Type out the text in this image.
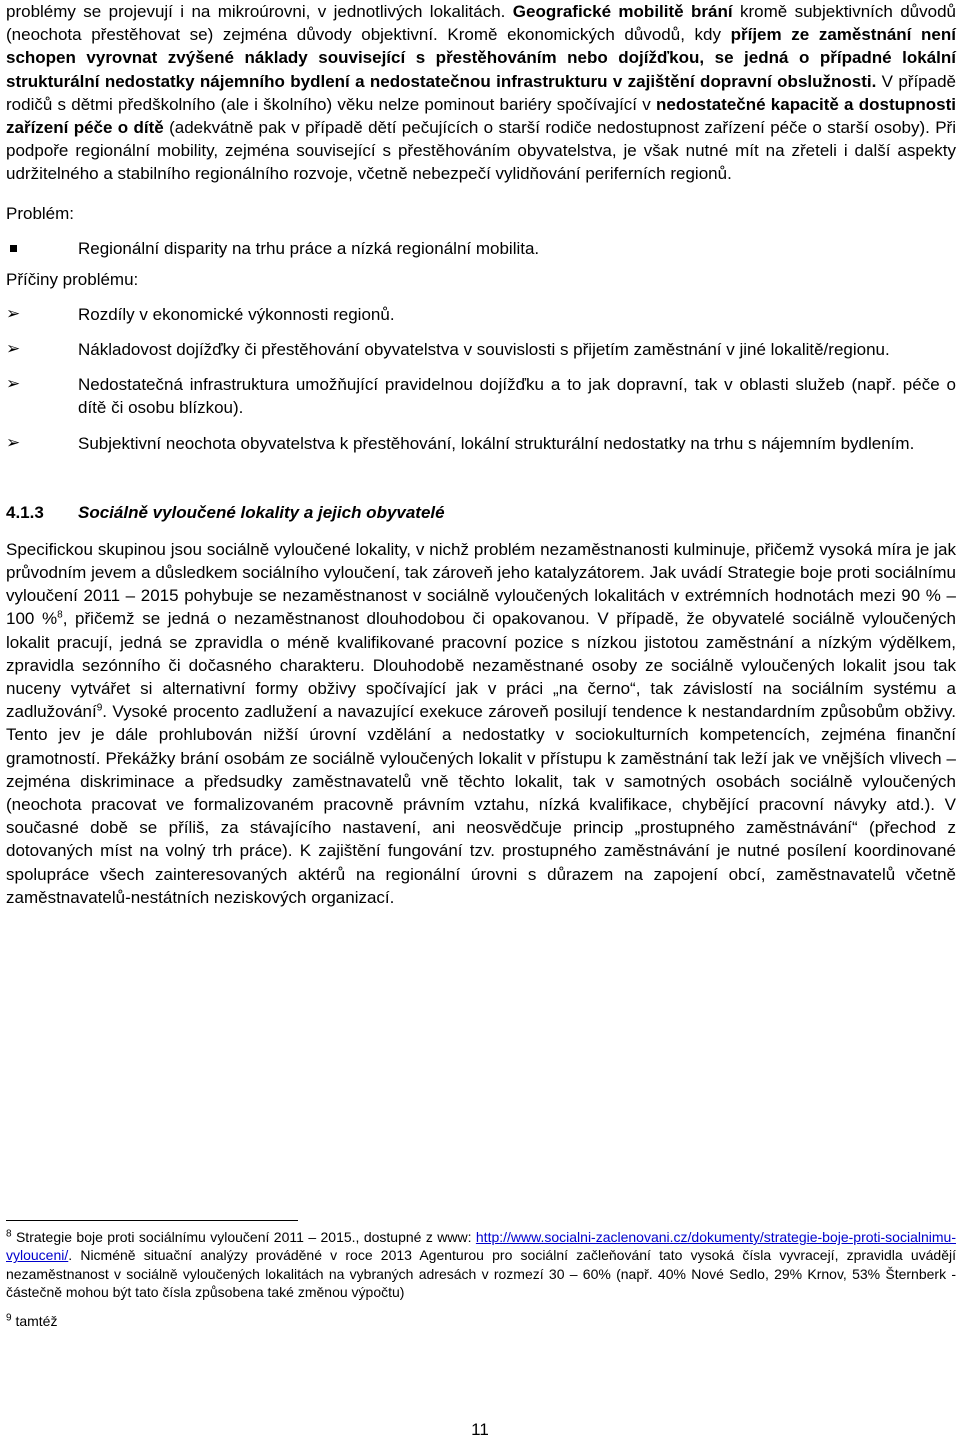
problémy se projevují i na mikroúrovni, v jednotlivých lokalitách. Geografické mobilitě brání kromě subjektivních důvodů (neochota přestěhovat se) zejména důvody objektivní. Kromě ekonomických důvodů, kdy příjem ze zaměstnání není schopen vyrovnat zvýšené náklady související s přestěhováním nebo dojížďkou, se jedná o případné lokální strukturální nedostatky nájemního bydlení a nedostatečnou infrastrukturu v zajištění dopravní obslužnosti. V případě rodičů s dětmi předškolního (ale i školního) věku nelze pominout bariéry spočívající v nedostatečné kapacitě a dostupnosti zařízení péče o dítě (adekvátně pak v případě dětí pečujících o starší rodiče nedostupnost zařízení péče o starší osoby). Při podpoře regionální mobility, zejména související s přestěhováním obyvatelstva, je však nutné mít na zřeteli i další aspekty udržitelného a stabilního regionálního rozvoje, včetně nebezpečí vylidňování periferních regionů.

Problém:

Regionální disparity na trhu práce a nízká regionální mobilita.

Příčiny problému:

➢	Rozdíly v ekonomické výkonnosti regionů.
➢	Nákladovost dojížďky či přestěhování obyvatelstva v souvislosti s přijetím zaměstnání v jiné lokalitě/regionu.
➢	Nedostatečná infrastruktura umožňující pravidelnou dojížďku a to jak dopravní, tak v oblasti služeb (např. péče o dítě či osobu blízkou).
➢	Subjektivní neochota obyvatelstva k přestěhování, lokální strukturální nedostatky na trhu s nájemním bydlením.
4.1.3 Sociálně vyloučené lokality a jejich obyvatelé

Specifickou skupinou jsou sociálně vyloučené lokality, v nichž problém nezaměstnanosti kulminuje, přičemž vysoká míra je jak průvodním jevem a důsledkem sociálního vyloučení, tak zároveň jeho katalyzátorem. Jak uvádí Strategie boje proti sociálnímu vyloučení 2011 – 2015 pohybuje se nezaměstnanost v sociálně vyloučených lokalitách v extrémních hodnotách mezi 90 % – 100 %$^8$, přičemž se jedná o nezaměstnanost dlouhodobou či opakovanou. V případě, že obyvatelé sociálně vyloučených lokalit pracují, jedná se zpravidla o méně kvalifikované pracovní pozice s nízkou jistotou zaměstnání a nízkým výdělkem, zpravidla sezónního či dočasného charakteru. Dlouhodobě nezaměstnané osoby ze sociálně vyloučených lokalit jsou tak nuceny vytvářet si alternativní formy obživy spočívající jak v práci „na černo“, tak závislostí na sociálním systému a zadlužování$^9$. Vysoké procento zadlužení a navazující exekuce zároveň posilují tendence k nestandardním způsobům obživy. Tento jev je dále prohlubován nižší úrovní vzdělání a nedostatky v sociokulturních kompetencích, zejména finanční gramotností. Překážky brání osobám ze sociálně vyloučených lokalit v přístupu k zaměstnání tak leží jak ve vnějších vlivech – zejména diskriminace a předsudky zaměstnavatelů vně těchto lokalit, tak v samotných osobách sociálně vyloučených (neochota pracovat ve formalizovaném pracovně právním vztahu, nízká kvalifikace, chybějící pracovní návyky atd.). V současné době se příliš, za stávajícího nastavení, ani neosvědčuje princip „prostupného zaměstnávání“ (přechod z dotovaných míst na volný trh práce). K zajištění fungování tzv. prostupného zaměstnávání je nutné posílení koordinované spolupráce všech zainteresovaných aktérů na regionální úrovni s důrazem na zapojení obcí, zaměstnavatelů včetně zaměstnavatelů-nestátních neziskových organizací.

$^8$ Strategie boje proti sociálnímu vyloučení 2011 – 2015., dostupné z www: http://www.socialni-zaclenovani.cz/dokumenty/strategie-boje-proti-socialnimu-vylouceni/. Nicméně situační analýzy prováděné v roce 2013 Agenturou pro sociální začleňování tato vysoká čísla vyvracejí, zpravidla uvádějí nezaměstnanost v sociálně vyloučených lokalitách na vybraných adresách v rozmezí 30 – 60% (např. 40% Nové Sedlo, 29% Krnov, 53% Šternberk - částečně mohou být tato čísla způsobena také změnou výpočtu)

$^9$ tamtéž

11
